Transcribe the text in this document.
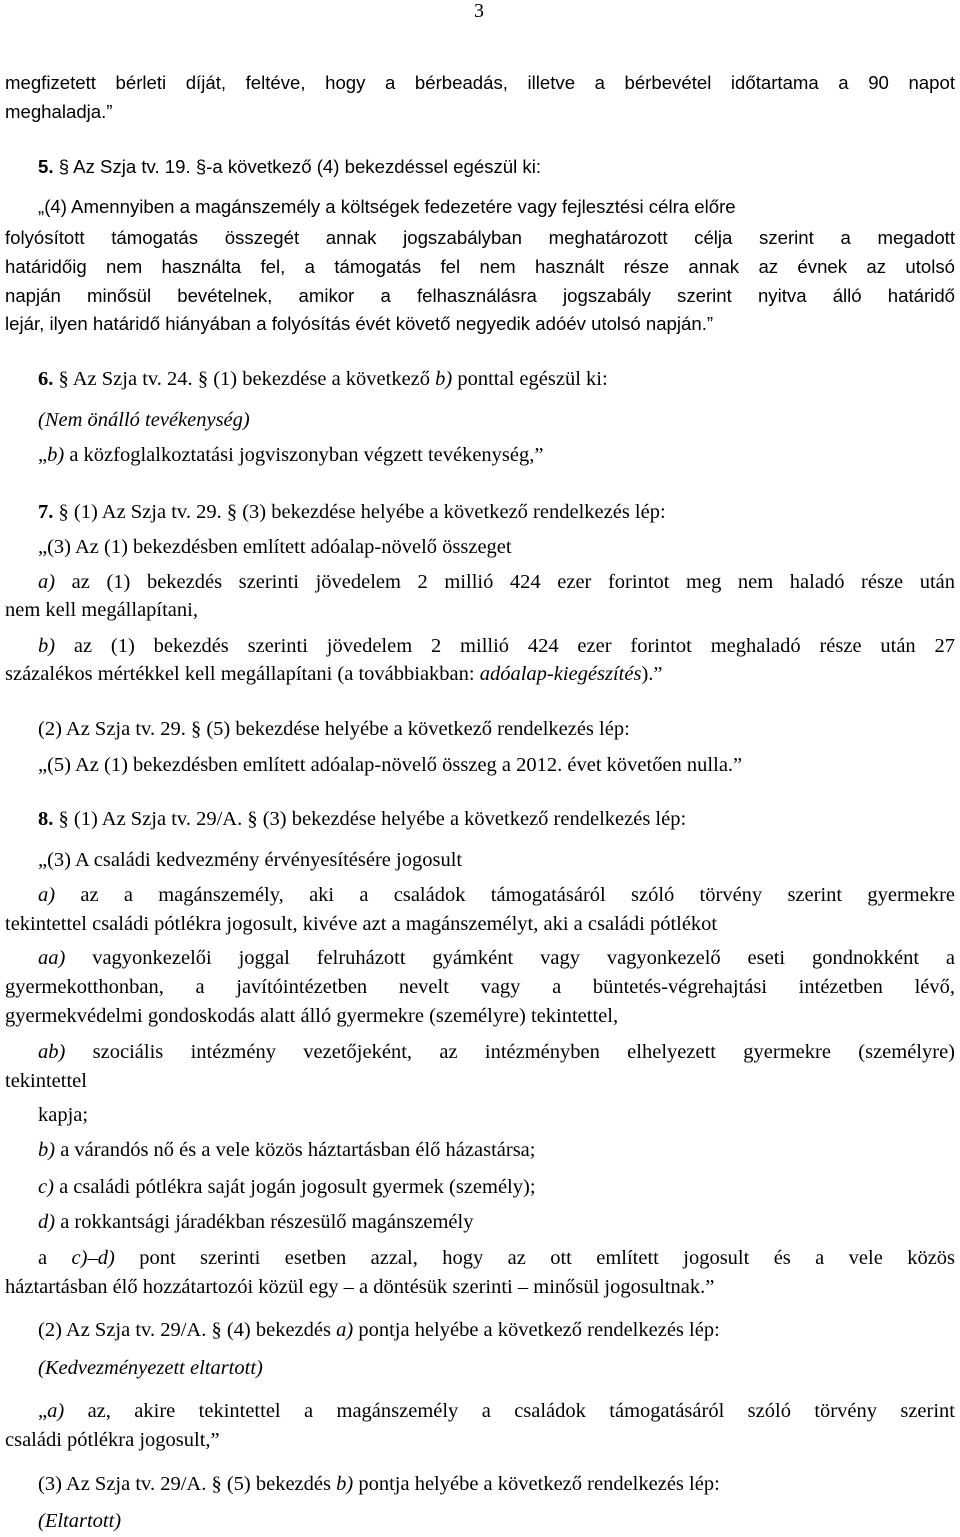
3
megfizetett bérleti díját, feltéve, hogy a bérbeadás, illetve a bérbevétel időtartama a 90 napot
meghaladja.”
5. § Az Szja tv. 19. §-a következő (4) bekezdéssel egészül ki:
„(4) Amennyiben a magánszemély a költségek fedezetére vagy fejlesztési célra előre
folyósított támogatás összegét annak jogszabályban meghatározott célja szerint a megadott
határidőig nem használta fel, a támogatás fel nem használt része annak az évnek az utolsó
napján minősül bevételnek, amikor a felhasználásra jogszabály szerint nyitva álló határidő
lejár, ilyen határidő hiányában a folyósítás évét követő negyedik adóév utolsó napján.”
6. § Az Szja tv. 24. § (1) bekezdése a következő b) ponttal egészül ki:
(Nem önálló tevékenység)
„b) a közfoglalkoztatási jogviszonyban végzett tevékenység,”
7. § (1) Az Szja tv. 29. § (3) bekezdése helyébe a következő rendelkezés lép:
„(3) Az (1) bekezdésben említett adóalap-növelő összeget
a) az (1) bekezdés szerinti jövedelem 2 millió 424 ezer forintot meg nem haladó része után
nem kell megállapítani,
b) az (1) bekezdés szerinti jövedelem 2 millió 424 ezer forintot meghaladó része után 27
százalékos mértékkel kell megállapítani (a továbbiakban: adóalap-kiegészítés).”
(2) Az Szja tv. 29. § (5) bekezdése helyébe a következő rendelkezés lép:
„(5) Az (1) bekezdésben említett adóalap-növelő összeg a 2012. évet követően nulla.”
8. § (1) Az Szja tv. 29/A. § (3) bekezdése helyébe a következő rendelkezés lép:
„(3) A családi kedvezmény érvényesítésére jogosult
a) az a magánszemély, aki a családok támogatásáról szóló törvény szerint gyermekre
tekintettel családi pótlékra jogosult, kivéve azt a magánszemélyt, aki a családi pótlékot
aa) vagyonkezelői joggal felruházott gyámként vagy vagyonkezelő eseti gondnokként a
gyermekotthonban, a javítóintézetben nevelt vagy a büntetés-végrehajtási intézetben lévő,
gyermekvédelmi gondoskodás alatt álló gyermekre (személyre) tekintettel,
ab) szociális intézmény vezetőjeként, az intézményben elhelyezett gyermekre (személyre)
tekintettel
kapja;
b) a várandós nő és a vele közös háztartásban élő házastársa;
c) a családi pótlékra saját jogán jogosult gyermek (személy);
d) a rokkantsági járadékban részesülő magánszemély
a c)–d) pont szerinti esetben azzal, hogy az ott említett jogosult és a vele közös
háztartásban élő hozzátartozói közül egy – a döntésük szerinti – minősül jogosultnak.”
(2) Az Szja tv. 29/A. § (4) bekezdés a) pontja helyébe a következő rendelkezés lép:
(Kedvezményezett eltartott)
„a) az, akire tekintettel a magánszemély a családok támogatásáról szóló törvény szerint
családi pótlékra jogosult,”
(3) Az Szja tv. 29/A. § (5) bekezdés b) pontja helyébe a következő rendelkezés lép:
(Eltartott)
